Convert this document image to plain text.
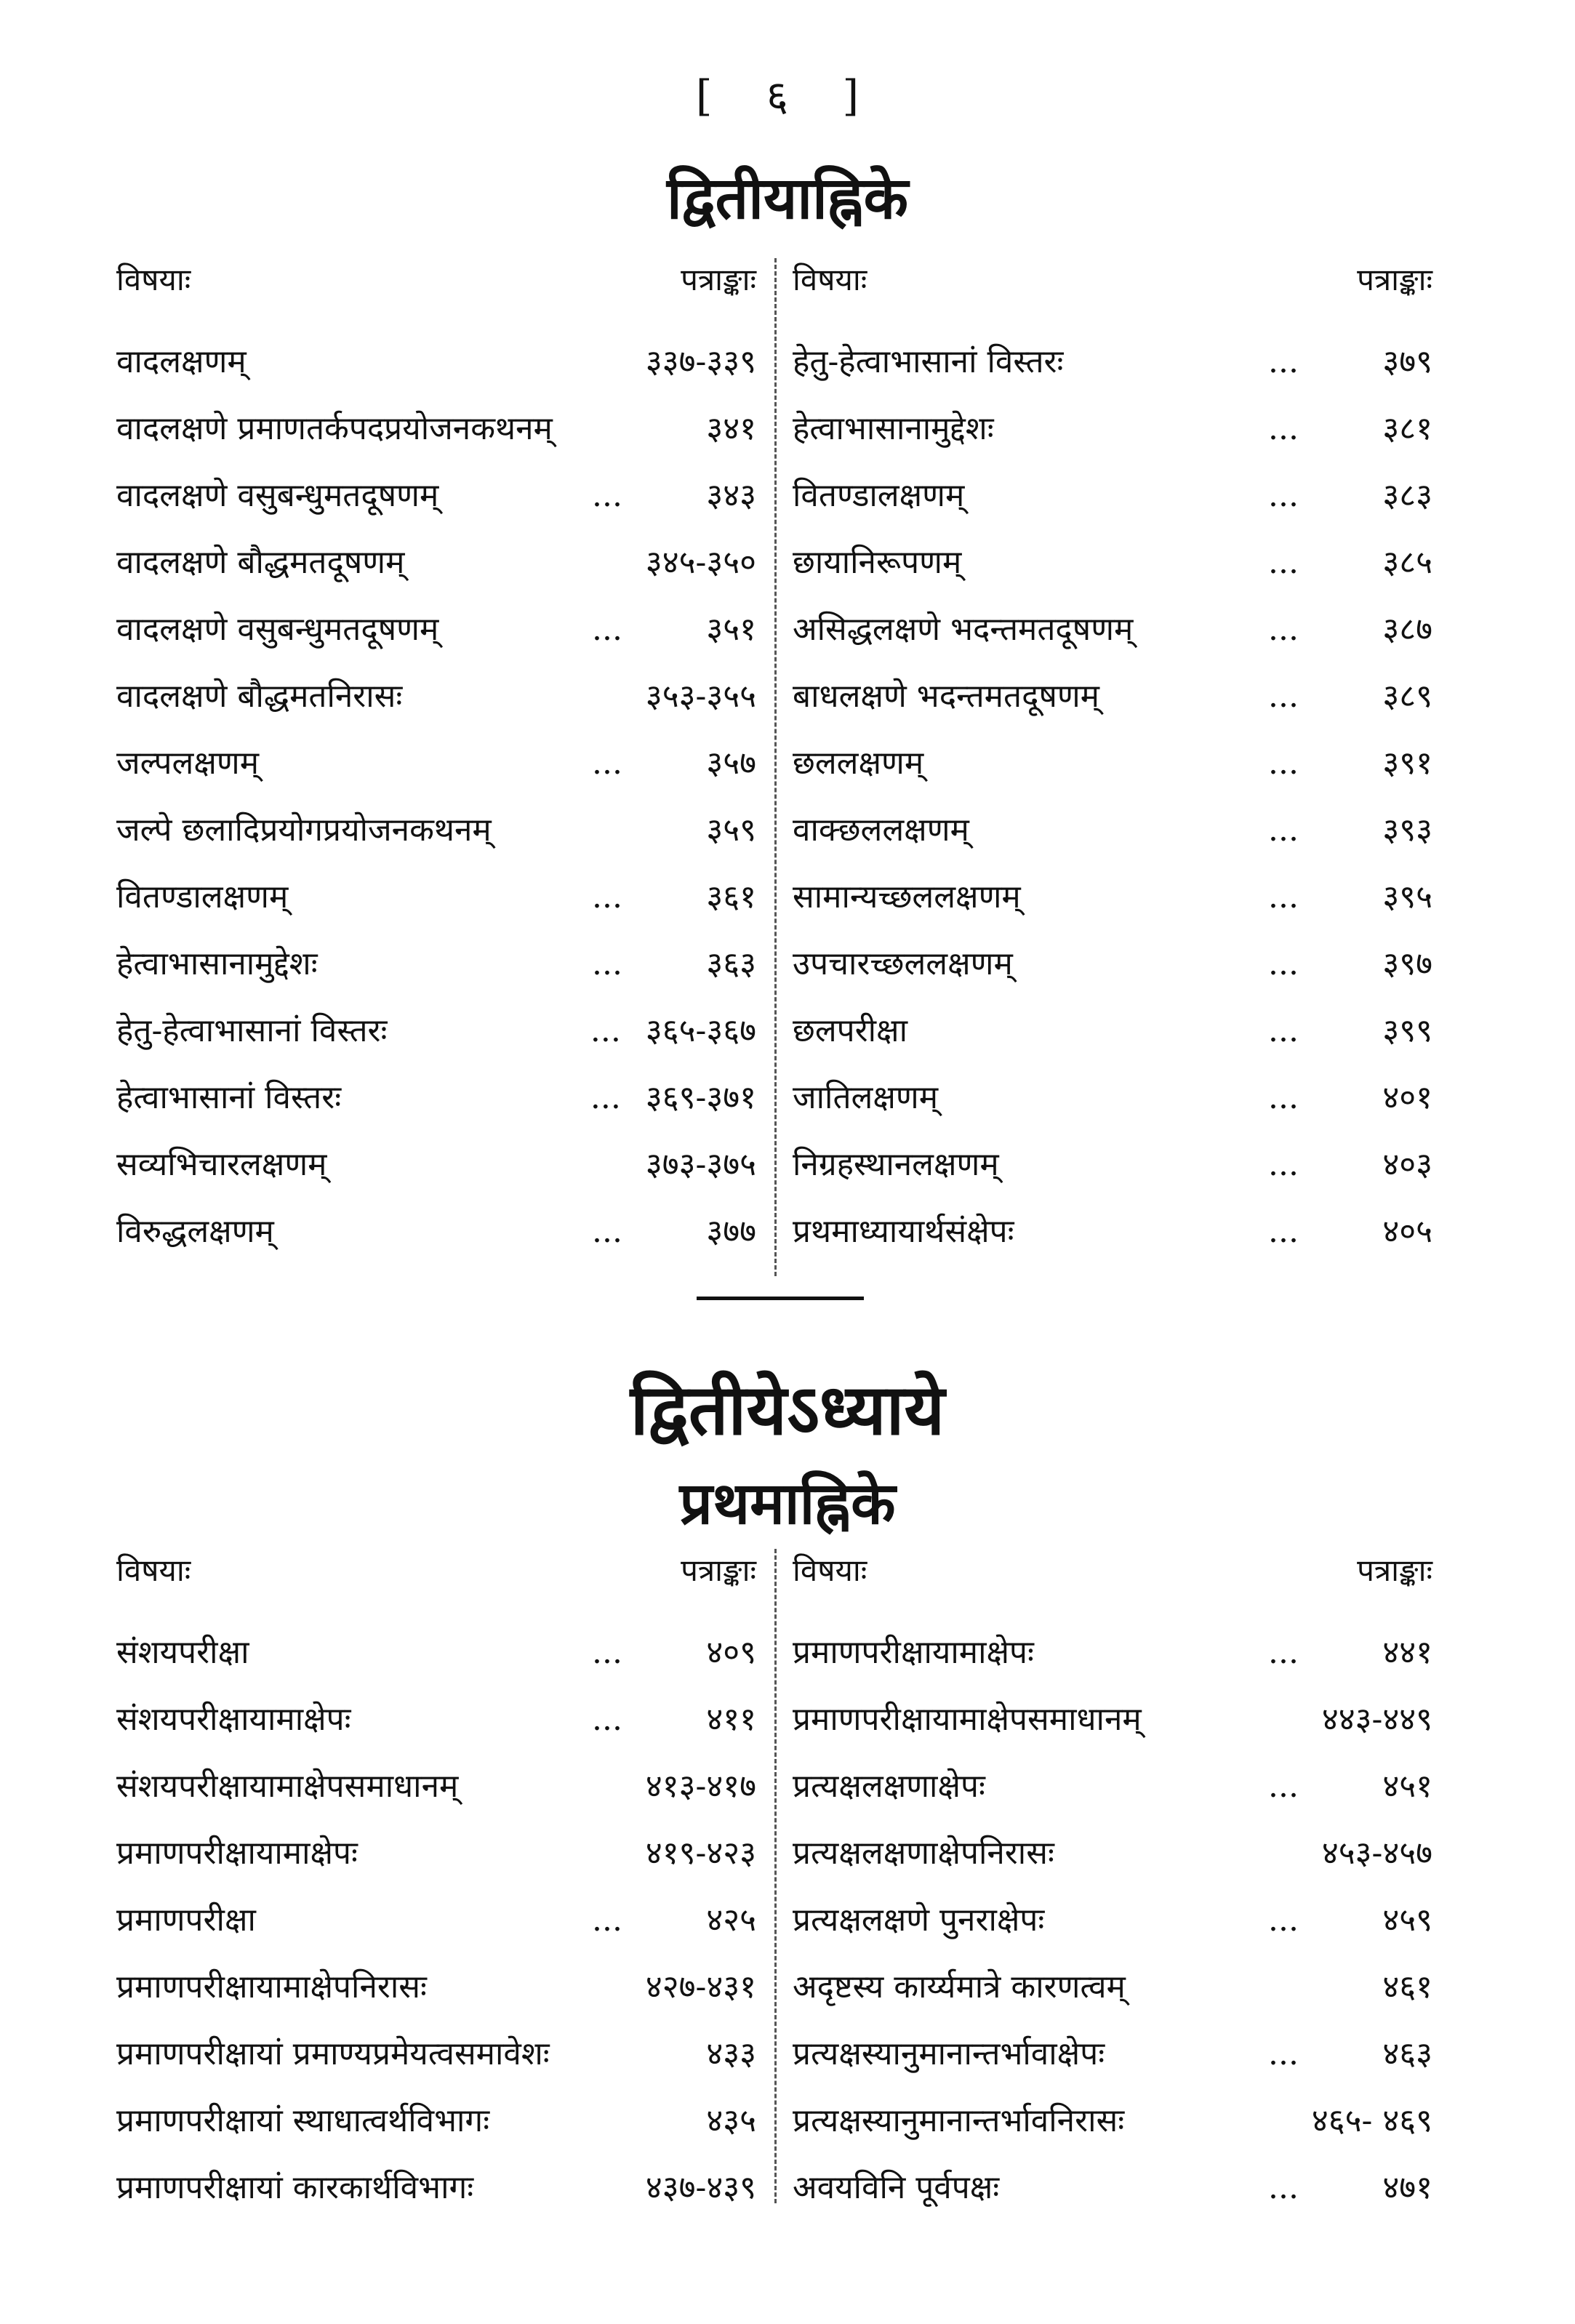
[ ६ ]
द्वितीयाह्निके
विषयाः	पत्राङ्काः
वादलक्षणम्	३३७-३३९
वादलक्षणे प्रमाणतर्कपदप्रयोजनकथनम्	३४१
वादलक्षणे वसुबन्धुमतदूषणम्	...	३४३
वादलक्षणे बौद्धमतदूषणम्	३४५-३५०
वादलक्षणे वसुबन्धुमतदूषणम्	...	३५१
वादलक्षणे बौद्धमतनिरासः	३५३-३५५
जल्पलक्षणम्	...	३५७
जल्पे छलादिप्रयोगप्रयोजनकथनम्	३५९
वितण्डालक्षणम्	...	३६१
हेत्वाभासानामुद्देशः	...	३६३
हेतु-हेत्वाभासानां विस्तरः	... ३६५-३६७
हेत्वाभासानां विस्तरः	... ३६९-३७१
सव्यभिचारलक्षणम्	३७३-३७५
विरुद्धलक्षणम्	...	३७७
विषयाः	पत्राङ्काः
हेतु-हेत्वाभासानां विस्तरः	...	३७९
हेत्वाभासानामुद्देशः	...	३८१
वितण्डालक्षणम्	...	३८३
छायानिरूपणम्	...	३८५
असिद्धलक्षणे भदन्तमतदूषणम्	...	३८७
बाधलक्षणे भदन्तमतदूषणम्	...	३८९
छललक्षणम्	...	३९१
वाक्छललक्षणम्	...	३९३
सामान्यच्छललक्षणम्	...	३९५
उपचारच्छललक्षणम्	...	३९७
छलपरीक्षा	...	३९९
जातिलक्षणम्	...	४०१
निग्रहस्थानलक्षणम्	...	४०३
प्रथमाध्यायार्थसंक्षेपः	...	४०५
द्वितीयेऽध्याये
प्रथमाह्निके
विषयाः	पत्राङ्काः
संशयपरीक्षा	...	४०९
संशयपरीक्षायामाक्षेपः	...	४११
संशयपरीक्षायामाक्षेपसमाधानम्	४१३-४१७
प्रमाणपरीक्षायामाक्षेपः	४१९-४२३
प्रमाणपरीक्षा	...	४२५
प्रमाणपरीक्षायामाक्षेपनिरासः	४२७-४३१
प्रमाणपरीक्षायां प्रमाण्यप्रमेयत्वसमावेशः	४३३
प्रमाणपरीक्षायां स्थाधात्वर्थविभागः	४३५
प्रमाणपरीक्षायां कारकार्थविभागः	४३७-४३९
विषयाः	पत्राङ्काः
प्रमाणपरीक्षायामाक्षेपः	...	४४१
प्रमाणपरीक्षायामाक्षेपसमाधानम्	४४३-४४९
प्रत्यक्षलक्षणाक्षेपः	...	४५१
प्रत्यक्षलक्षणाक्षेपनिरासः	४५३-४५७
प्रत्यक्षलक्षणे पुनराक्षेपः	...	४५९
अदृष्टस्य कार्य्यमात्रे कारणत्वम्	४६१
प्रत्यक्षस्यानुमानान्तर्भावाक्षेपः	...	४६३
प्रत्यक्षस्यानुमानान्तर्भावनिरासः	४६५- ४६९
अवयविनि पूर्वपक्षः	...	४७१
